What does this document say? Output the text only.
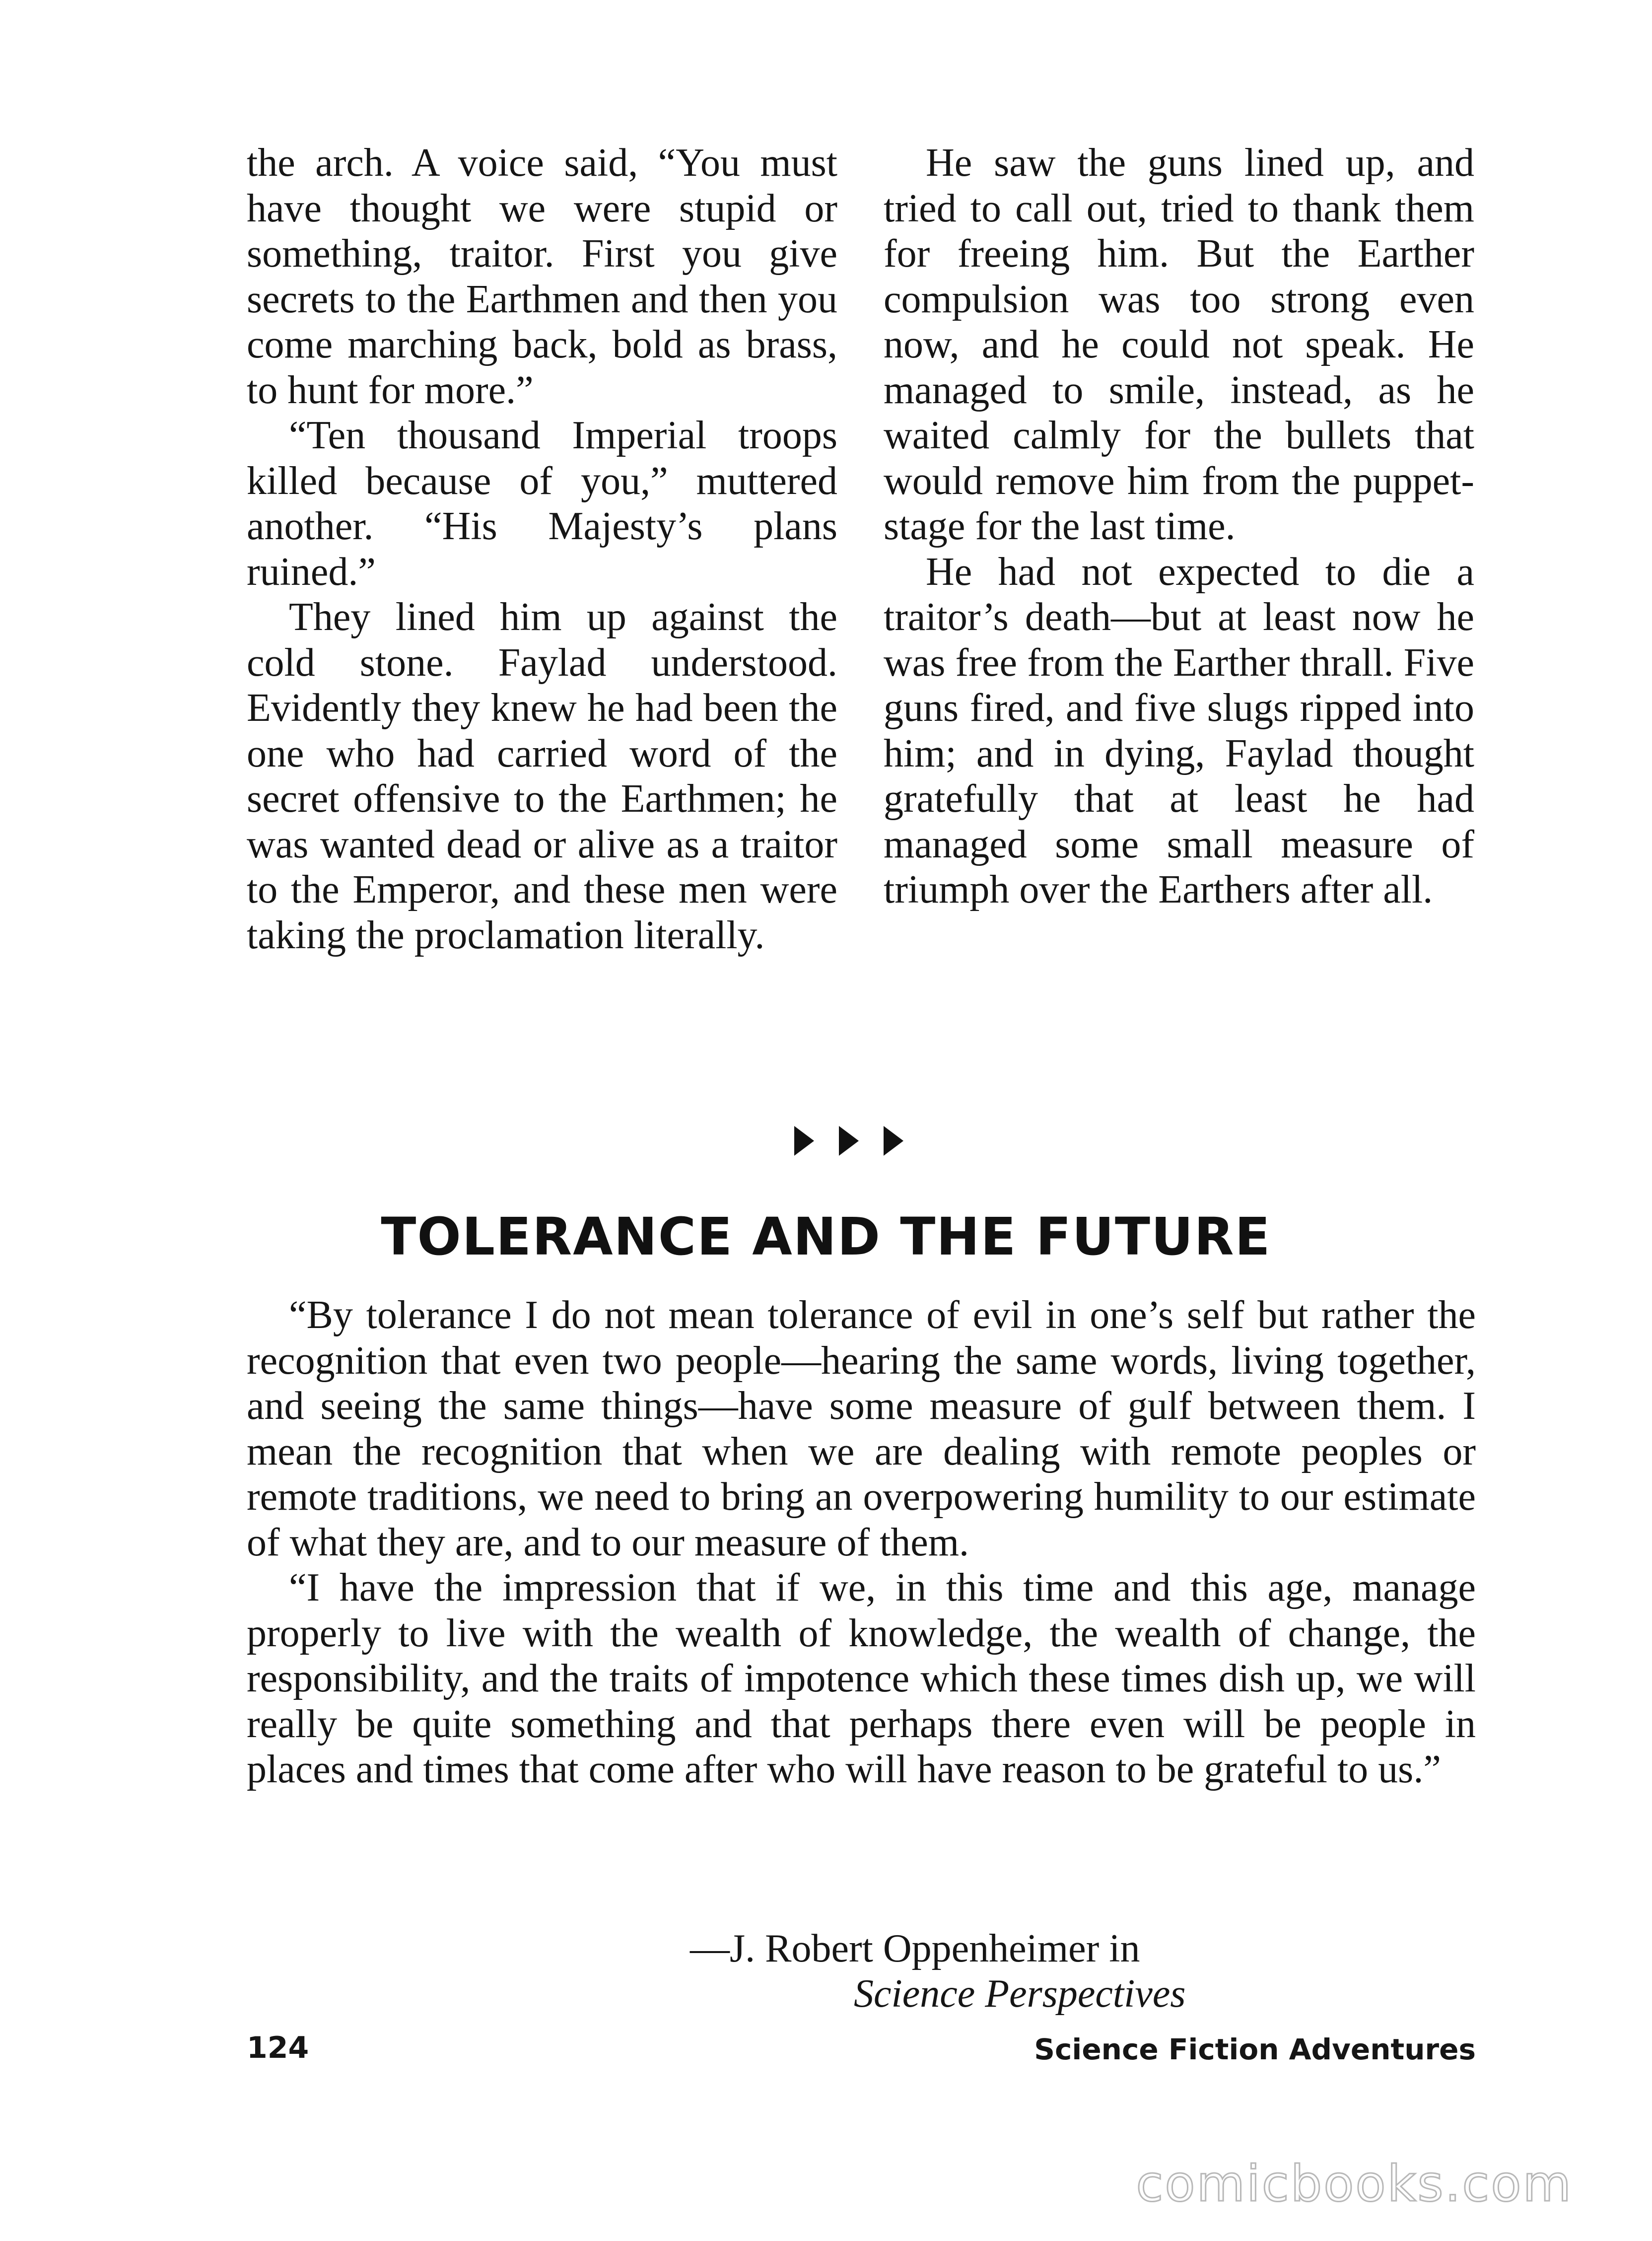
the arch. A voice said, “You must have thought we were stupid or something, traitor. First you give secrets to the Earthmen and then you come marching back, bold as brass, to hunt for more.”

“Ten thousand Imperial troops killed because of you,” muttered another. “His Majesty’s plans ruined.”

They lined him up against the cold stone. Faylad understood. Evidently they knew he had been the one who had carried word of the secret offensive to the Earthmen; he was wanted dead or alive as a traitor to the Emperor, and these men were taking the proclamation literally.

He saw the guns lined up, and tried to call out, tried to thank them for freeing him. But the Earther compulsion was too strong even now, and he could not speak. He managed to smile, instead, as he waited calmly for the bullets that would remove him from the puppet-stage for the last time.

He had not expected to die a traitor’s death—but at least now he was free from the Earther thrall. Five guns fired, and five slugs ripped into him; and in dying, Faylad thought gratefully that at least he had managed some small measure of triumph over the Earthers after all.

TOLERANCE AND THE FUTURE

“By tolerance I do not mean tolerance of evil in one’s self but rather the recognition that even two people—hearing the same words, living together, and seeing the same things—have some measure of gulf between them. I mean the recognition that when we are dealing with remote peoples or remote traditions, we need to bring an overpowering humility to our estimate of what they are, and to our measure of them.

“I have the impression that if we, in this time and this age, manage properly to live with the wealth of knowledge, the wealth of change, the responsibility, and the traits of impotence which these times dish up, we will really be quite something and that perhaps there even will be people in places and times that come after who will have reason to be grateful to us.”

—J. Robert Oppenheimer in
Science Perspectives
124	Science Fiction Adventures
comicbooks.com
